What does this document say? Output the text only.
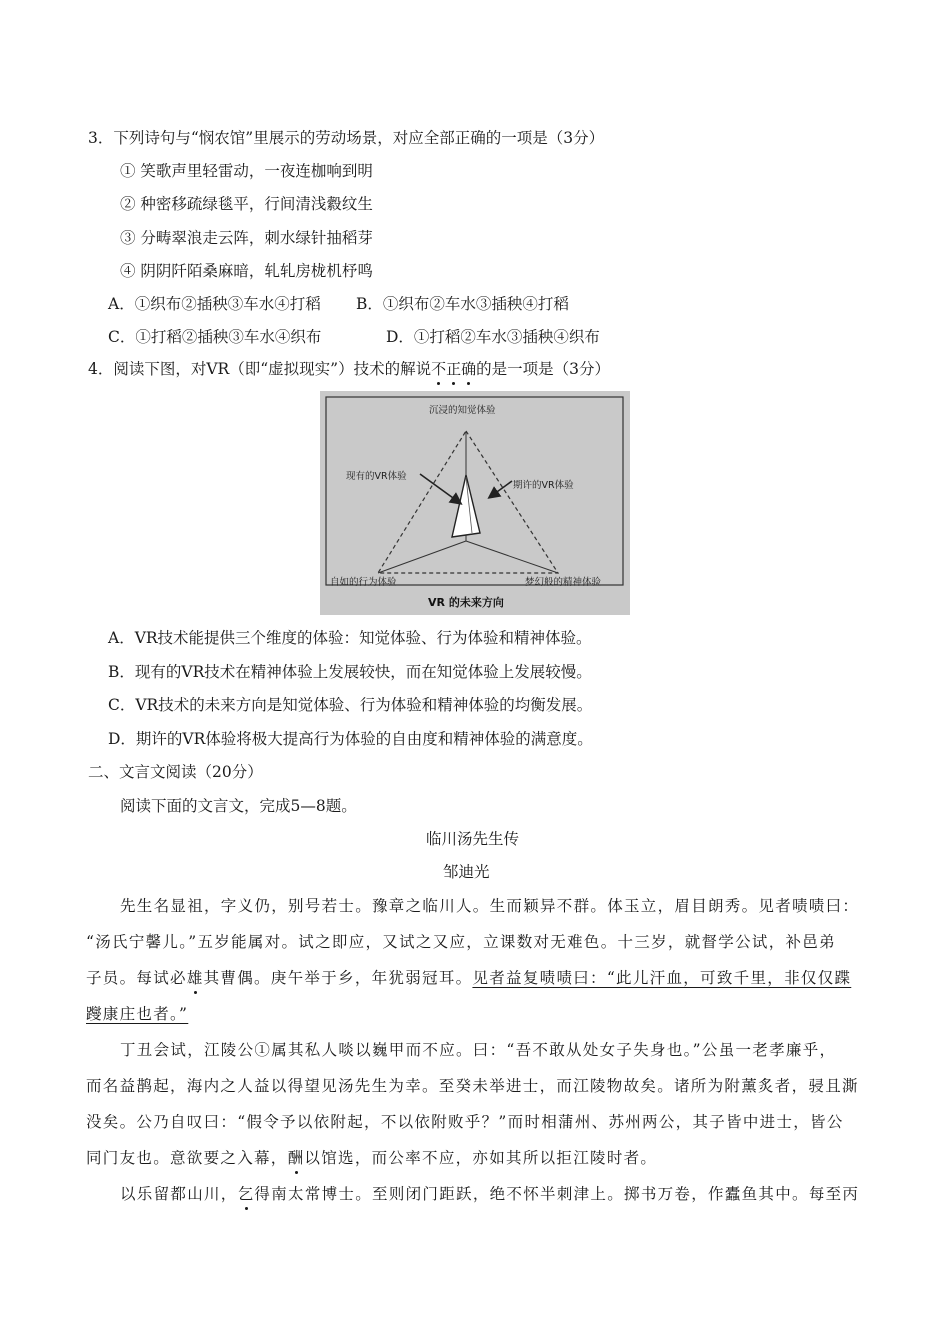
3．下列诗句与“悯农馆”里展示的劳动场景，对应全部正确的一项是（3分）
① 笑歌声里轻雷动，一夜连枷响到明
② 种密移疏绿毯平，行间清浅縠纹生
③ 分畴翠浪走云阵，刺水绿针抽稻芽
④ 阴阴阡陌桑麻暗，轧轧房栊机杼鸣
A．①织布②插秧③车水④打稻 B．①织布②车水③插秧④打稻
C．①打稻②插秧③车水④织布	D．①打稻②车水③插秧④织布
4．阅读下图，对VR（即“虚拟现实”）技术的解说不正确的是一项是（3分）
沉浸的知觉体验
现有的VR体验
期许的VR体验
自如的行为体验	梦幻般的精神体验
VR 的未来方向
A．VR技术能提供三个维度的体验：知觉体验、行为体验和精神体验。
B．现有的VR技术在精神体验上发展较快，而在知觉体验上发展较慢。
C．VR技术的未来方向是知觉体验、行为体验和精神体验的均衡发展。
D．期许的VR体验将极大提高行为体验的自由度和精神体验的满意度。
二、文言文阅读（20分）
阅读下面的文言文，完成5—8题。
临川汤先生传
邹迪光
先生名显祖，字义仍，别号若士。豫章之临川人。生而颖异不群。体玉立，眉目朗秀。见者啧啧曰：
“汤氏宁馨儿。”五岁能属对。试之即应，又试之又应，立课数对无难色。十三岁，就督学公试，补邑弟
子员。每试必雄其曹偶。庚午举于乡，年犹弱冠耳。见者益复啧啧曰：“此儿汗血，可致千里，非仅仅蹀
躞康庄也者。”
丁丑会试，江陵公①属其私人啖以巍甲而不应。曰：“吾不敢从处女子失身也。”公虽一老孝廉乎，
而名益鹊起，海内之人益以得望见汤先生为幸。至癸未举进士，而江陵物故矣。诸所为附薰炙者，骎且澌
没矣。公乃自叹曰：“假令予以依附起，不以依附败乎？”而时相蒲州、苏州两公，其子皆中进士，皆公
同门友也。意欲要之入幕，酬以馆选，而公率不应，亦如其所以拒江陵时者。
以乐留都山川，乞得南太常博士。至则闭门距跃，绝不怀半刺津上。掷书万卷，作蠹鱼其中。每至丙
